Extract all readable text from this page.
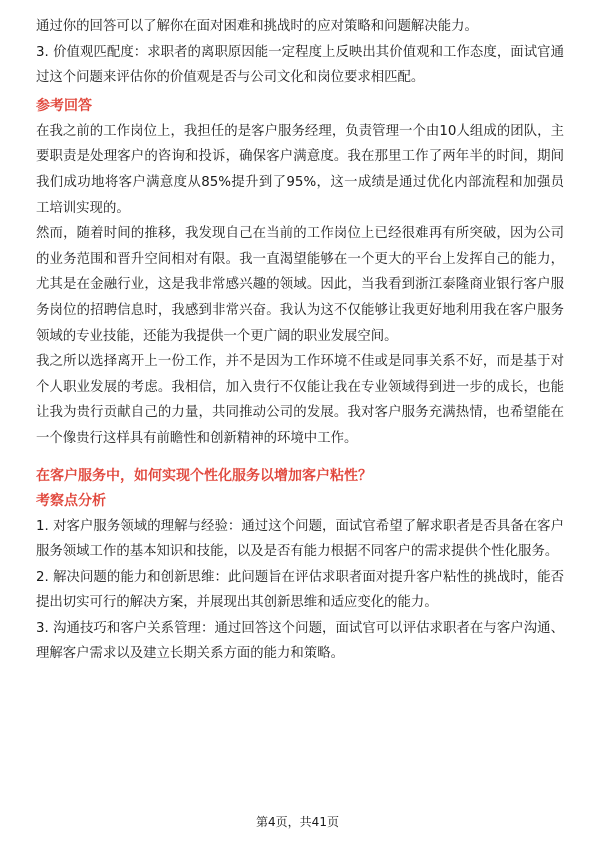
通过你的回答可以了解你在面对困难和挑战时的应对策略和问题解决能力。

3. 价值观匹配度：求职者的离职原因能一定程度上反映出其价值观和工作态度，面试官通过这个问题来评估你的价值观是否与公司文化和岗位要求相匹配。

参考回答

在我之前的工作岗位上，我担任的是客户服务经理，负责管理一个由10人组成的团队，主要职责是处理客户的咨询和投诉，确保客户满意度。我在那里工作了两年半的时间，期间我们成功地将客户满意度从85%提升到了95%，这一成绩是通过优化内部流程和加强员工培训实现的。

然而，随着时间的推移，我发现自己在当前的工作岗位上已经很难再有所突破，因为公司的业务范围和晋升空间相对有限。我一直渴望能够在一个更大的平台上发挥自己的能力，尤其是在金融行业，这是我非常感兴趣的领域。因此，当我看到浙江泰隆商业银行客户服务岗位的招聘信息时，我感到非常兴奋。我认为这不仅能够让我更好地利用我在客户服务领域的专业技能，还能为我提供一个更广阔的职业发展空间。

我之所以选择离开上一份工作，并不是因为工作环境不佳或是同事关系不好，而是基于对个人职业发展的考虑。我相信，加入贵行不仅能让我在专业领域得到进一步的成长，也能让我为贵行贡献自己的力量，共同推动公司的发展。我对客户服务充满热情，也希望能在一个像贵行这样具有前瞻性和创新精神的环境中工作。

在客户服务中，如何实现个性化服务以增加客户粘性？

考察点分析

1. 对客户服务领域的理解与经验：通过这个问题，面试官希望了解求职者是否具备在客户服务领域工作的基本知识和技能，以及是否有能力根据不同客户的需求提供个性化服务。

2. 解决问题的能力和创新思维：此问题旨在评估求职者面对提升客户粘性的挑战时，能否提出切实可行的解决方案，并展现出其创新思维和适应变化的能力。

3. 沟通技巧和客户关系管理：通过回答这个问题，面试官可以评估求职者在与客户沟通、理解客户需求以及建立长期关系方面的能力和策略。

第4页，共41页
